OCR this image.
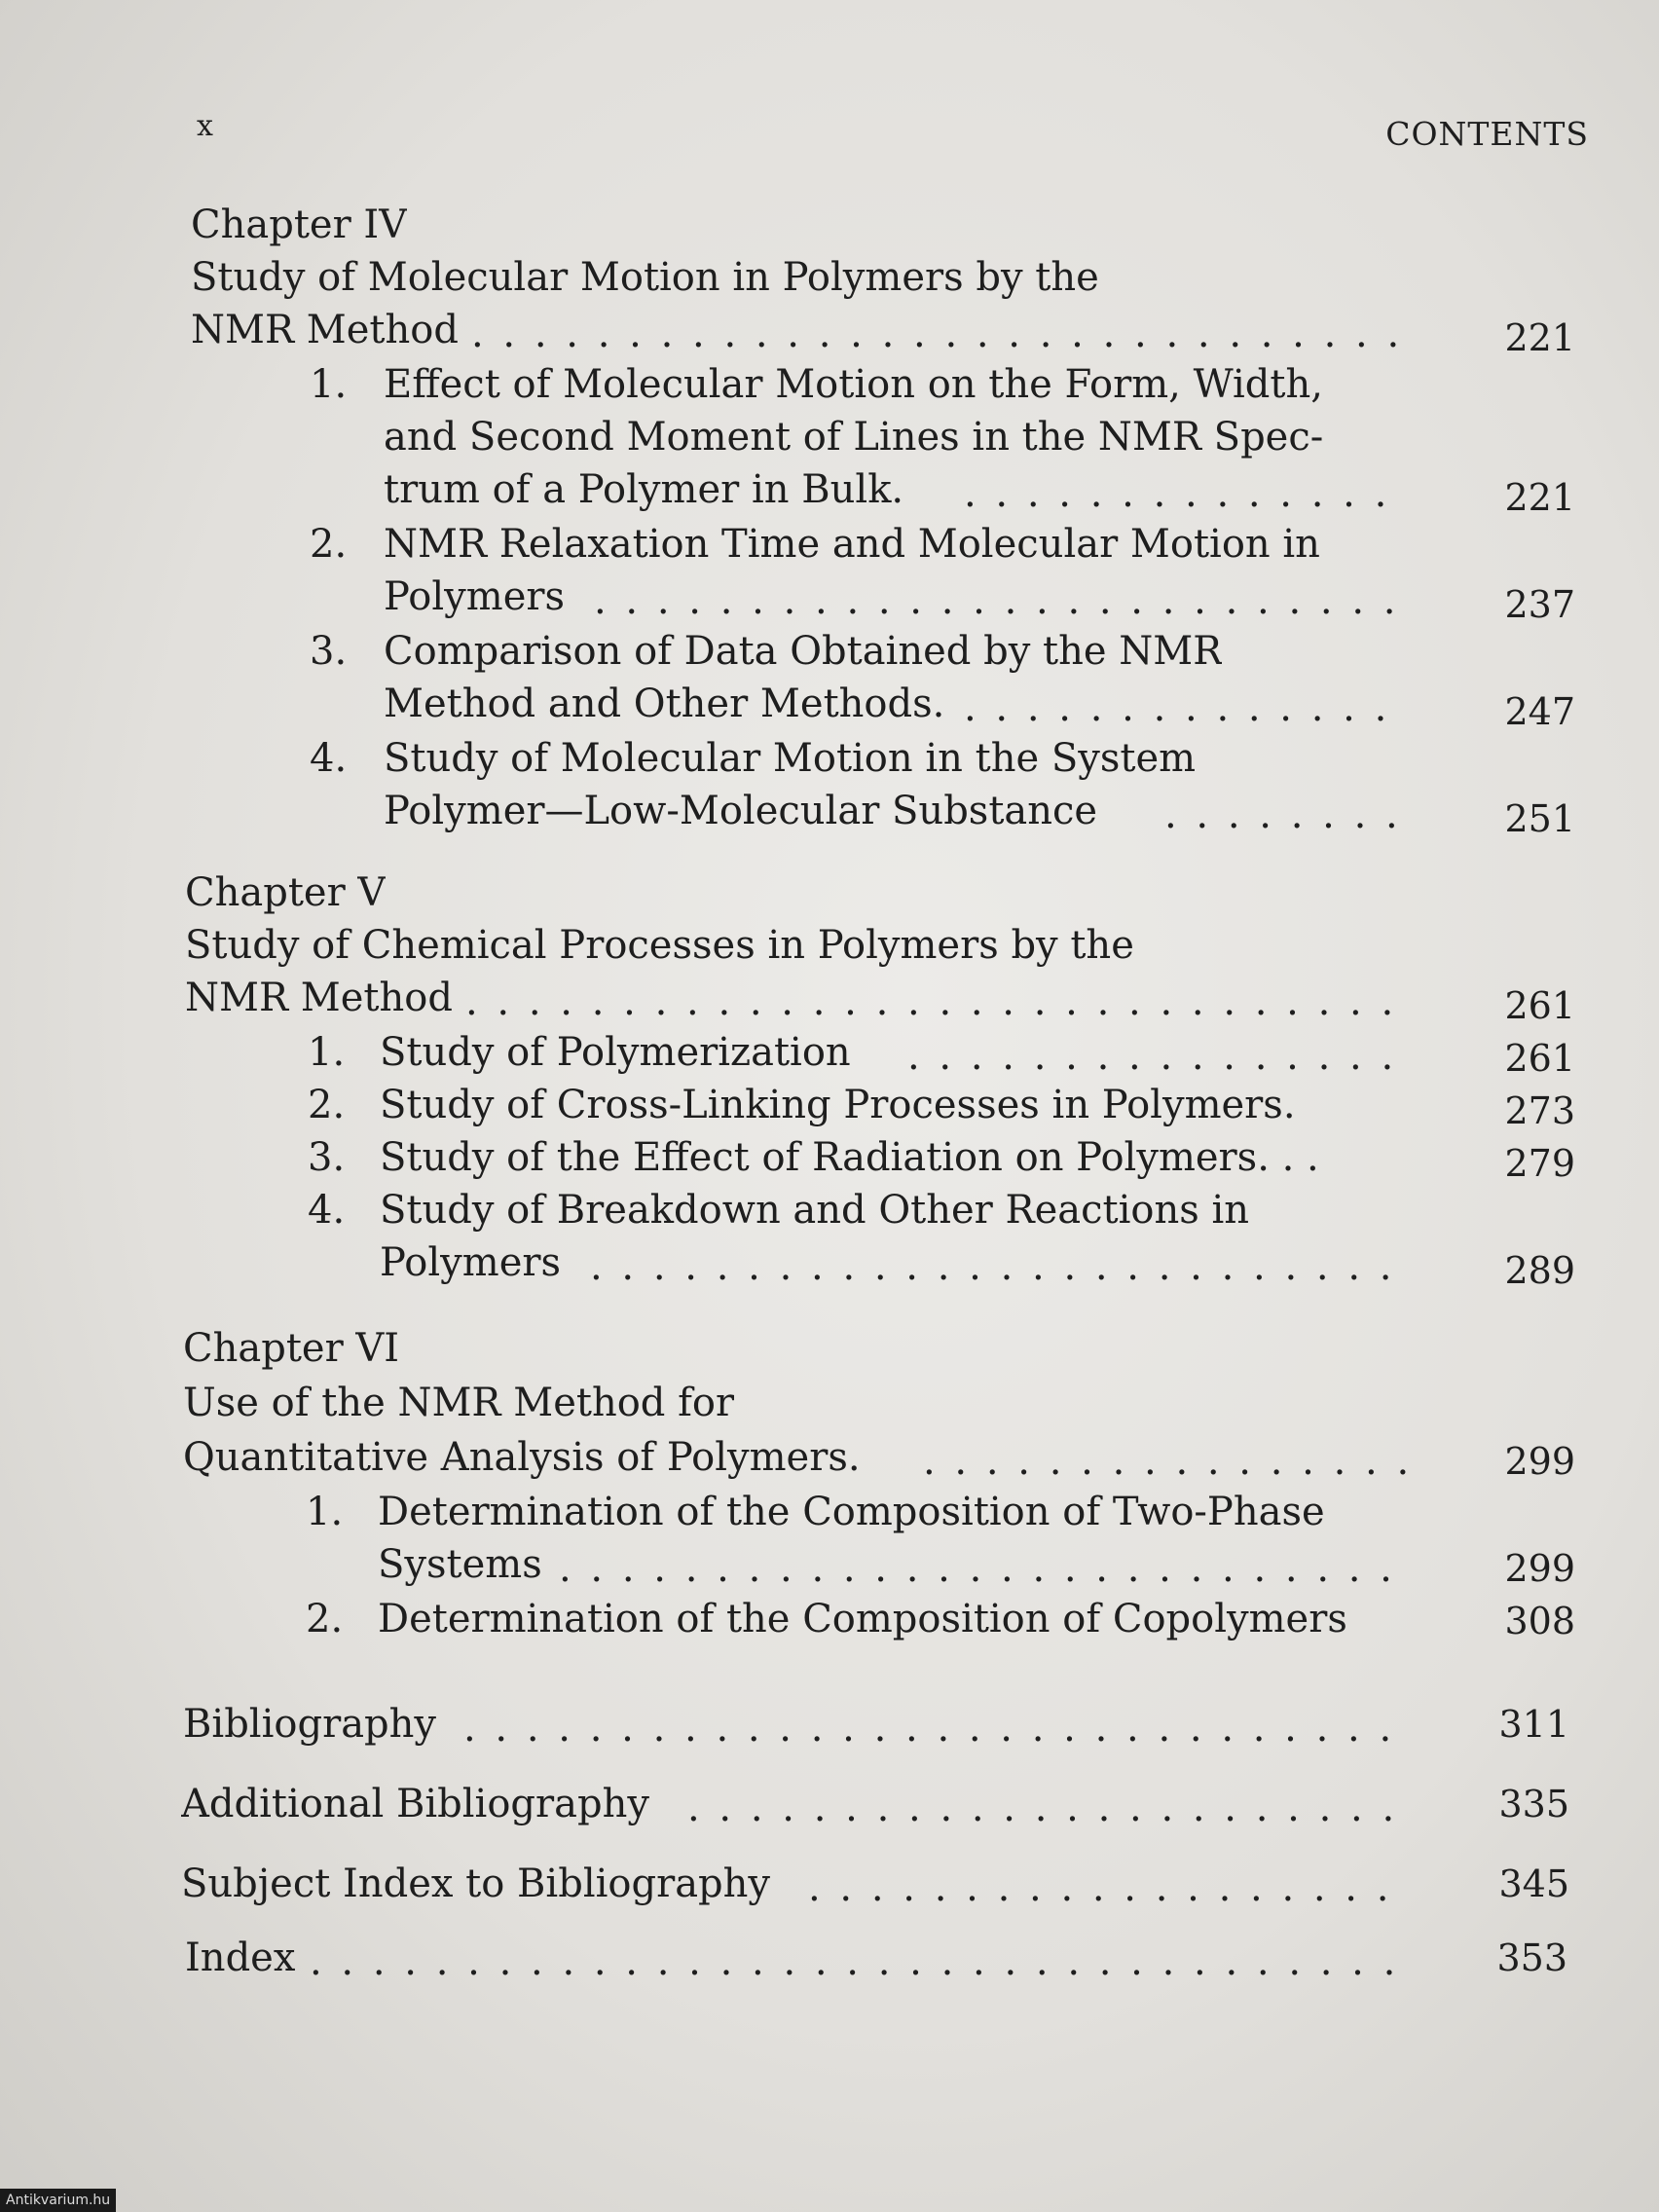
x	CONTENTS
Chapter IV
Study of Molecular Motion in Polymers by the
NMR Method . . .	221
1. Effect of Molecular Motion on the Form, Width,
and Second Moment of Lines in the NMR Spec-
trum of a Polymer in Bulk. . . .	221
2. NMR Relaxation Time and Molecular Motion in
Polymers . . .	237
3. Comparison of Data Obtained by the NMR
Method and Other Methods. . . .	247
4. Study of Molecular Motion in the System
Polymer—Low-Molecular Substance . . .	251
Chapter V
Study of Chemical Processes in Polymers by the
NMR Method . . .	261
1. Study of Polymerization . . .	261
2. Study of Cross-Linking Processes in Polymers.	273
3. Study of the Effect of Radiation on Polymers. . .	279
4. Study of Breakdown and Other Reactions in
Polymers . . .	289
Chapter VI
Use of the NMR Method for
Quantitative Analysis of Polymers. . . .	299
1. Determination of the Composition of Two-Phase
Systems . . .	299
2. Determination of the Composition of Copolymers	308
Bibliography . . .	311
Additional Bibliography . . .	335
Subject Index to Bibliography . . .	345
Index . . .	353
Antikvarium.hu
